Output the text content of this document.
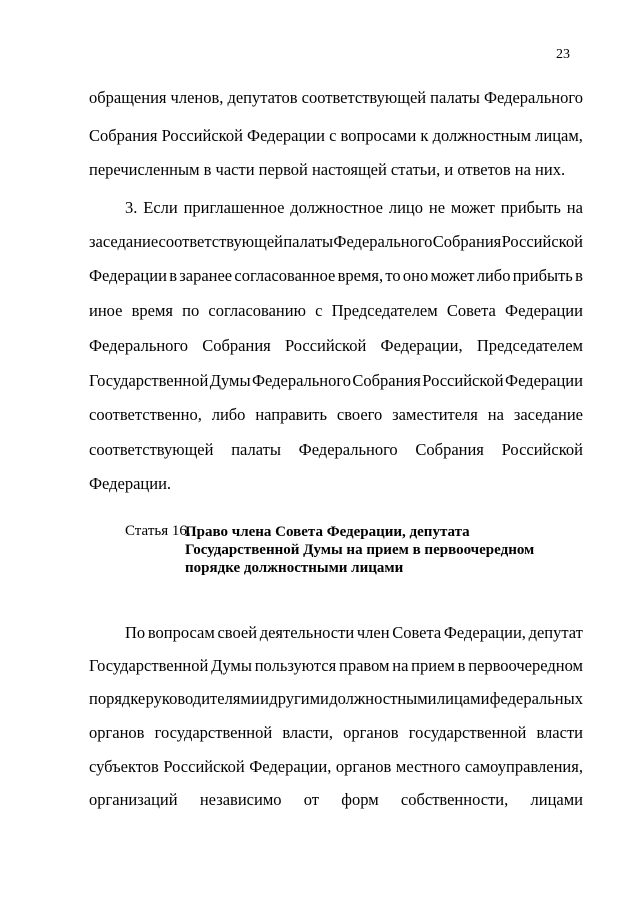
23
обращения членов, депутатов соответствующей палаты Федерального
Собрания Российской Федерации с вопросами к должностным лицам,
перечисленным в части первой настоящей статьи, и ответов на них.
3. Если приглашенное должностное лицо не может прибыть на
заседание соответствующей палаты Федерального Собрания Российской
Федерации в заранее согласованное время, то оно может либо прибыть в
иное время по согласованию с Председателем Совета Федерации
Федерального Собрания Российской Федерации, Председателем
Государственной Думы Федерального Собрания Российской Федерации
соответственно, либо направить своего заместителя на заседание
соответствующей палаты Федерального Собрания Российской
Федерации.
Статья 16.
Право члена Совета Федерации, депутата
Государственной Думы на прием в первоочередном
порядке должностными лицами
По вопросам своей деятельности член Совета Федерации, депутат
Государственной Думы пользуются правом на прием в первоочередном
порядке руководителями и другими должностными лицами федеральных
органов государственной власти, органов государственной власти
субъектов Российской Федерации, органов местного самоуправления,
организаций независимо от форм собственности, лицами
